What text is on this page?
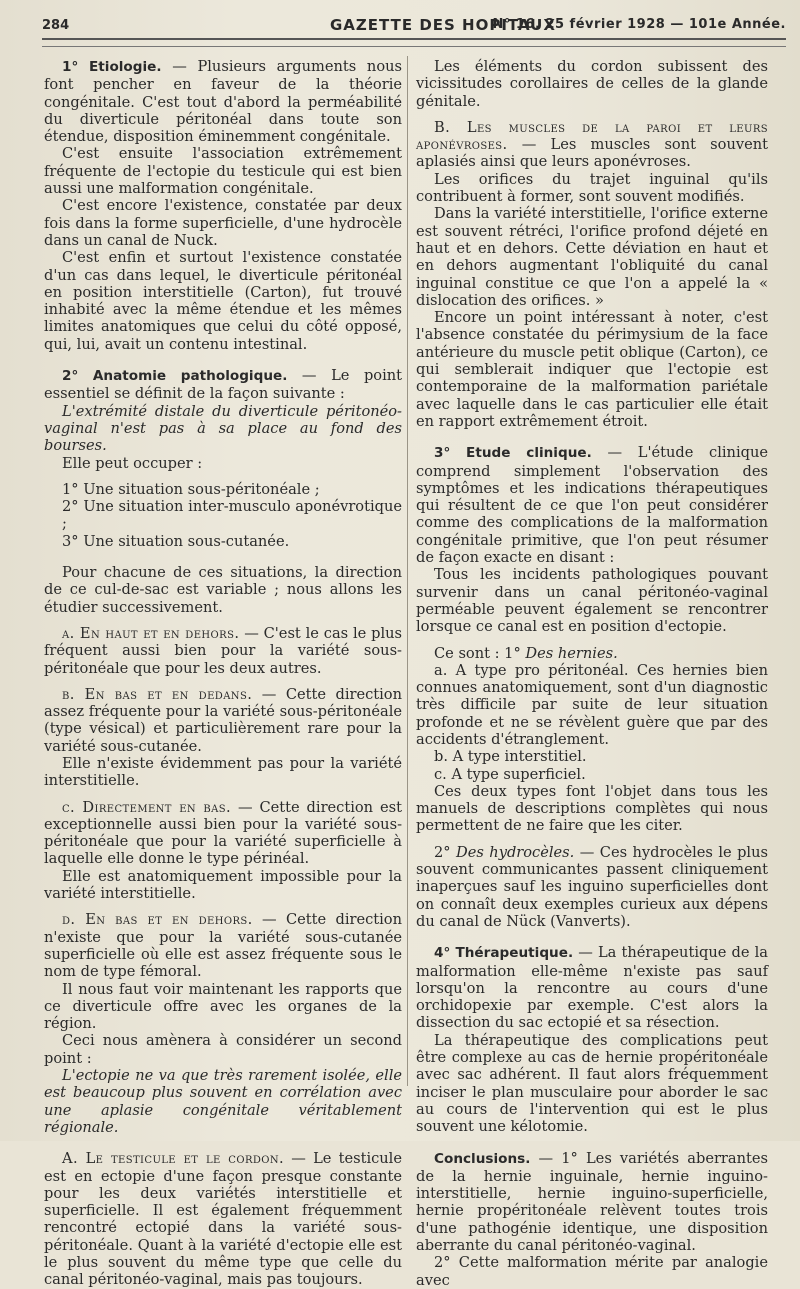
284	GAZETTE DES HOPITAUX
N° 16, 25 février 1928 — 101e Année.

1° Etiologie. — Plusieurs arguments nous font pencher en faveur de la théorie congénitale. C'est tout d'abord la perméabilité du diverticule péritonéal dans toute son étendue, disposition éminemment congénitale.

C'est ensuite l'association extrêmement fréquente de l'ectopie du testicule qui est bien aussi une malformation congénitale.

C'est encore l'existence, constatée par deux fois dans la forme superficielle, d'une hydrocèle dans un canal de Nuck.

C'est enfin et surtout l'existence constatée d'un cas dans lequel, le diverticule péritonéal en position interstitielle (Carton), fut trouvé inhabité avec la même étendue et les mêmes limites anatomiques que celui du côté opposé, qui, lui, avait un contenu intestinal.

2° Anatomie pathologique. — Le point essentiel se définit de la façon suivante :

L'extrémité distale du diverticule péritonéo-vaginal n'est pas à sa place au fond des bourses.

Elle peut occuper :

1° Une situation sous-péritonéale ;

2° Une situation inter-musculo aponévrotique ;

3° Une situation sous-cutanée.

Pour chacune de ces situations, la direction de ce cul-de-sac est variable ; nous allons les étudier successivement.

a. En haut et en dehors. — C'est le cas le plus fréquent aussi bien pour la variété sous-péritonéale que pour les deux autres.

b. En bas et en dedans. — Cette direction assez fréquente pour la variété sous-péritonéale (type vésical) et particulièrement rare pour la variété sous-cutanée.

Elle n'existe évidemment pas pour la variété interstitielle.

c. Directement en bas. — Cette direction est exceptionnelle aussi bien pour la variété sous-péritonéale que pour la variété superficielle à laquelle elle donne le type périnéal.

Elle est anatomiquement impossible pour la variété interstitielle.

d. En bas et en dehors. — Cette direction n'existe que pour la variété sous-cutanée superficielle où elle est assez fréquente sous le nom de type fémoral.

Il nous faut voir maintenant les rapports que ce diverticule offre avec les organes de la région.

Ceci nous amènera à considérer un second point :

L'ectopie ne va que très rarement isolée, elle est beaucoup plus souvent en corrélation avec une aplasie congénitale véritablement régionale.

A. Le testicule et le cordon. — Le testicule est en ectopie d'une façon presque constante pour les deux variétés interstitielle et superficielle. Il est également fréquemment rencontré ectopié dans la variété sous-péritonéale. Quant à la variété d'ectopie elle est le plus souvent du même type que celle du canal péritonéo-vaginal, mais pas toujours.

Les éléments du cordon subissent des vicissitudes corollaires de celles de la glande génitale.

B. Les muscles de la paroi et leurs aponévroses. — Les muscles sont souvent aplasiés ainsi que leurs aponévroses.

Les orifices du trajet inguinal qu'ils contribuent à former, sont souvent modifiés.

Dans la variété interstitielle, l'orifice externe est souvent rétréci, l'orifice profond déjeté en haut et en dehors. Cette déviation en haut et en dehors augmentant l'obliquité du canal inguinal constitue ce que l'on a appelé la « dislocation des orifices. »

Encore un point intéressant à noter, c'est l'absence constatée du périmysium de la face antérieure du muscle petit oblique (Carton), ce qui semblerait indiquer que l'ectopie est contemporaine de la malformation pariétale avec laquelle dans le cas particulier elle était en rapport extrêmement étroit.

3° Etude clinique. — L'étude clinique comprend simplement l'observation des symptômes et les indications thérapeutiques qui résultent de ce que l'on peut considérer comme des complications de la malformation congénitale primitive, que l'on peut résumer de façon exacte en disant :

Tous les incidents pathologiques pouvant survenir dans un canal péritonéo-vaginal perméable peuvent également se rencontrer lorsque ce canal est en position d'ectopie.

Ce sont : 1° Des hernies.

a. A type pro péritonéal. Ces hernies bien connues anatomiquement, sont d'un diagnostic très difficile par suite de leur situation profonde et ne se révèlent guère que par des accidents d'étranglement.

b. A type interstitiel.

c. A type superficiel.

Ces deux types font l'objet dans tous les manuels de descriptions complètes qui nous permettent de ne faire que les citer.

2° Des hydrocèles. — Ces hydrocèles le plus souvent communicantes passent cliniquement inaperçues sauf les inguino superficielles dont on connaît deux exemples curieux aux dépens du canal de Nück (Vanverts).

4° Thérapeutique. — La thérapeutique de la malformation elle-même n'existe pas sauf lorsqu'on la rencontre au cours d'une orchidopexie par exemple. C'est alors la dissection du sac ectopié et sa résection.

La thérapeutique des complications peut être complexe au cas de hernie propéritonéale avec sac adhérent. Il faut alors fréquemment inciser le plan musculaire pour aborder le sac au cours de l'intervention qui est le plus souvent une kélotomie.

Conclusions. — 1° Les variétés aberrantes de la hernie inguinale, hernie inguino-interstitielle, hernie inguino-superficielle, hernie propéritonéale relèvent toutes trois d'une pathogénie identique, une disposition aberrante du canal péritonéo-vaginal.

2° Cette malformation mérite par analogie avec
